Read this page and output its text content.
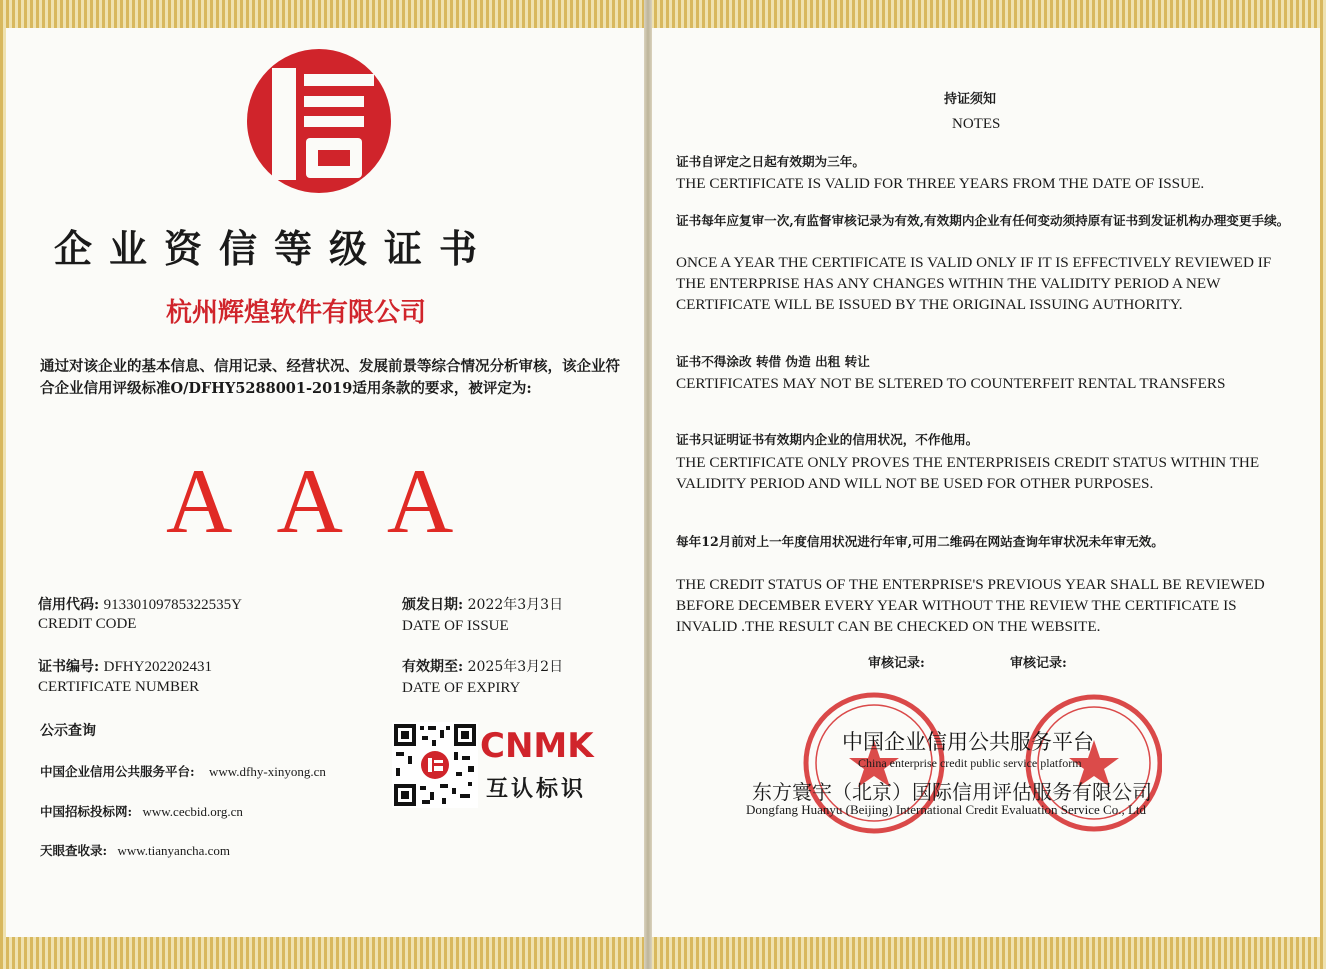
企业资信等级证书
杭州辉煌软件有限公司
通过对该企业的基本信息、信用记录、经营状况、发展前景等综合情况分析审核，该企业符合企业信用评级标准O/DFHY5288001-2019适用条款的要求，被评定为:
AAA
信用代码: 91330109785322535Y
CREDIT CODE
颁发日期: 2022年3月3日
DATE OF ISSUE
证书编号: DFHY202202431
CERTIFICATE NUMBER
有效期至: 2025年3月2日
DATE OF EXPIRY
公示查询
中国企业信用公共服务平台: www.dfhy-xinyong.cn
中国招标投标网: www.cecbid.org.cn
天眼查收录: www.tianyancha.com
CNMK
互认标识
持证须知
NOTES
证书自评定之日起有效期为三年。
THE CERTIFICATE IS VALID FOR THREE YEARS FROM THE DATE OF ISSUE.
证书每年应复审一次,有监督审核记录为有效,有效期内企业有任何变动须持原有证书到发证机构办理变更手续。
ONCE A YEAR THE CERTIFICATE IS VALID ONLY IF IT IS EFFECTIVELY REVIEWED IF THE ENTERPRISE HAS ANY CHANGES WITHIN THE VALIDITY PERIOD A NEW CERTIFICATE WILL BE ISSUED BY THE ORIGINAL ISSUING AUTHORITY.
证书不得涂改 转借 伪造 出租 转让
CERTIFICATES MAY NOT BE SLTERED TO COUNTERFEIT RENTAL TRANSFERS
证书只证明证书有效期内企业的信用状况，不作他用。
THE CERTIFICATE ONLY PROVES THE ENTERPRISEIS CREDIT STATUS WITHIN THE VALIDITY PERIOD AND WILL NOT BE USED FOR OTHER PURPOSES.
每年12月前对上一年度信用状况进行年审,可用二维码在网站查询年审状况未年审无效。
THE CREDIT STATUS OF THE ENTERPRISE'S PREVIOUS YEAR SHALL BE REVIEWED BEFORE DECEMBER EVERY YEAR WITHOUT THE REVIEW THE CERTIFICATE IS INVALID .THE RESULT CAN BE CHECKED ON THE WEBSITE.
审核记录:	审核记录:
中国企业信用公共服务平台
China enterprise credit public service platform
东方寰宇（北京）国际信用评估服务有限公司
Dongfang Huanyu (Beijing) International Credit Evaluation Service Co., Ltd
